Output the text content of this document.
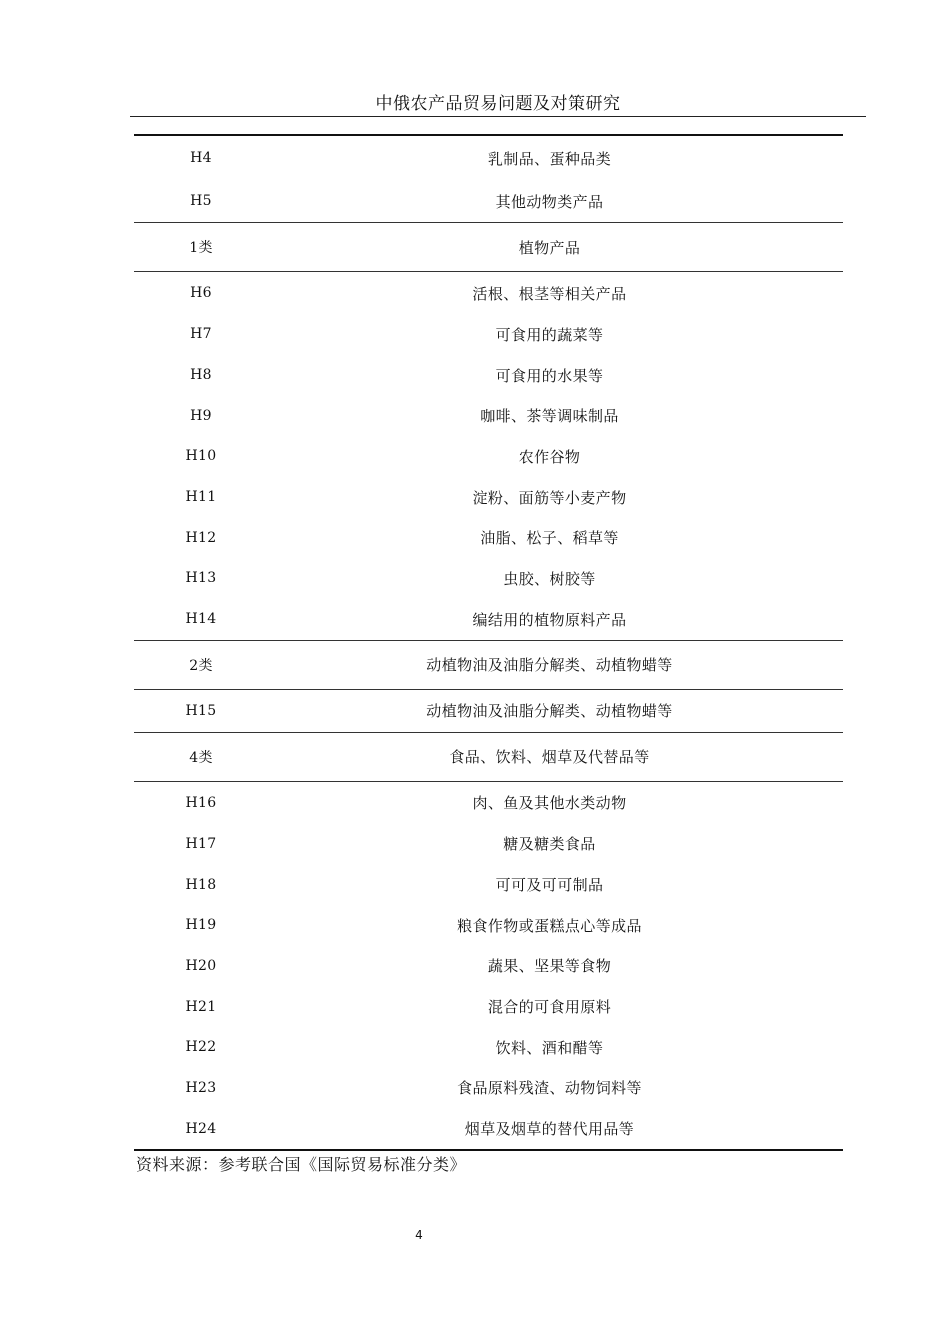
中俄农产品贸易问题及对策研究
H4	乳制品、蛋种品类
H5	其他动物类产品
1类	植物产品
H6	活根、根茎等相关产品
H7	可食用的蔬菜等
H8	可食用的水果等
H9	咖啡、茶等调味制品
H10	农作谷物
H11	淀粉、面筋等小麦产物
H12	油脂、松子、稻草等
H13	虫胶、树胶等
H14	编结用的植物原料产品
2类	动植物油及油脂分解类、动植物蜡等
H15	动植物油及油脂分解类、动植物蜡等
4类	食品、饮料、烟草及代替品等
H16	肉、鱼及其他水类动物
H17	糖及糖类食品
H18	可可及可可制品
H19	粮食作物或蛋糕点心等成品
H20	蔬果、坚果等食物
H21	混合的可食用原料
H22	饮料、酒和醋等
H23	食品原料残渣、动物饲料等
H24	烟草及烟草的替代用品等
资料来源：参考联合国《国际贸易标准分类》
4
